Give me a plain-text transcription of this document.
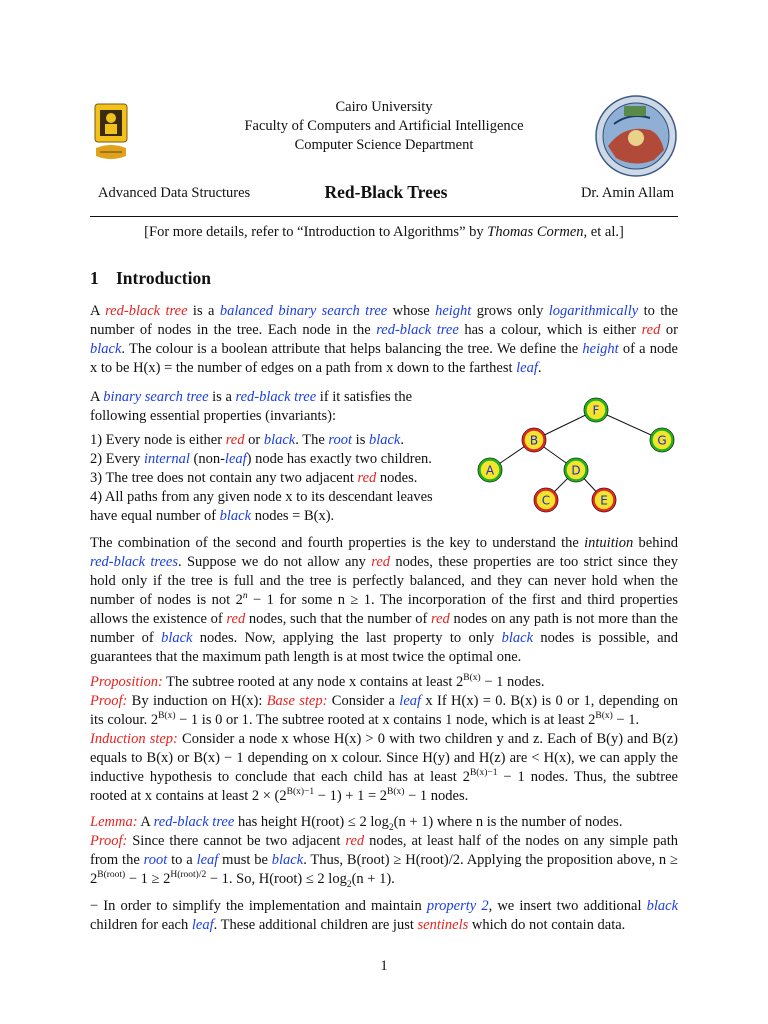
Cairo University
Faculty of Computers and Artificial Intelligence
Computer Science Department
Advanced Data Structures	Red-Black Trees	Dr. Amin Allam
[For more details, refer to “Introduction to Algorithms” by Thomas Cormen, et al.]
1 Introduction

A red-black tree is a balanced binary search tree whose height grows only logarithmically to the number of nodes in the tree. Each node in the red-black tree has a colour, which is either red or black. The colour is a boolean attribute that helps balancing the tree. We define the height of a node x to be H(x) = the number of edges on a path from x down to the farthest leaf.

A binary search tree is a red-black tree if it satisfies the following essential properties (invariants):

1) Every node is either red or black. The root is black.

2) Every internal (non-leaf) node has exactly two children.

3) The tree does not contain any two adjacent red nodes.

4) All paths from any given node x to its descendant leaves have equal number of black nodes = B(x).

F
B	G
A	D
C	E

The combination of the second and fourth properties is the key to understand the intuition behind red-black trees. Suppose we do not allow any red nodes, these properties are too strict since they hold only if the tree is full and the tree is perfectly balanced, and they can never hold when the number of nodes is not $2^n - 1$ for some n ≥ 1. The incorporation of the first and third properties allows the existence of red nodes, such that the number of red nodes on any path is not more than the number of black nodes. Now, applying the last property to only black nodes is possible, and guarantees that the maximum path length is at most twice the optimal one.

Proposition: The subtree rooted at any node x contains at least $2^{B(x)} - 1$ nodes.
Proof: By induction on H(x): Base step: Consider a leaf x If H(x) = 0. B(x) is 0 or 1, depending on its colour. $2^{B(x)} - 1$ is 0 or 1. The subtree rooted at x contains 1 node, which is at least $2^{B(x)} - 1$.
Induction step: Consider a node x whose H(x) > 0 with two children y and z. Each of B(y) and B(z) equals to B(x) or B(x) − 1 depending on x colour. Since H(y) and H(z) are < H(x), we can apply the inductive hypothesis to conclude that each child has at least $2^{B(x)-1} - 1$ nodes. Thus, the subtree rooted at x contains at least $2 \times (2^{B(x)-1} - 1) + 1 = 2^{B(x)} - 1$ nodes.

Lemma: A red-black tree has height H(root) ≤ 2 $\log_2(n + 1)$ where n is the number of nodes.
Proof: Since there cannot be two adjacent red nodes, at least half of the nodes on any simple path from the root to a leaf must be black. Thus, B(root) ≥ H(root)/2. Applying the proposition above, $n \ge 2^{B(root)} - 1 \ge 2^{H(root)/2} - 1$. So, H(root) ≤ 2 $\log_2(n + 1)$.

− In order to simplify the implementation and maintain property 2, we insert two additional black children for each leaf. These additional children are just sentinels which do not contain data.

1
